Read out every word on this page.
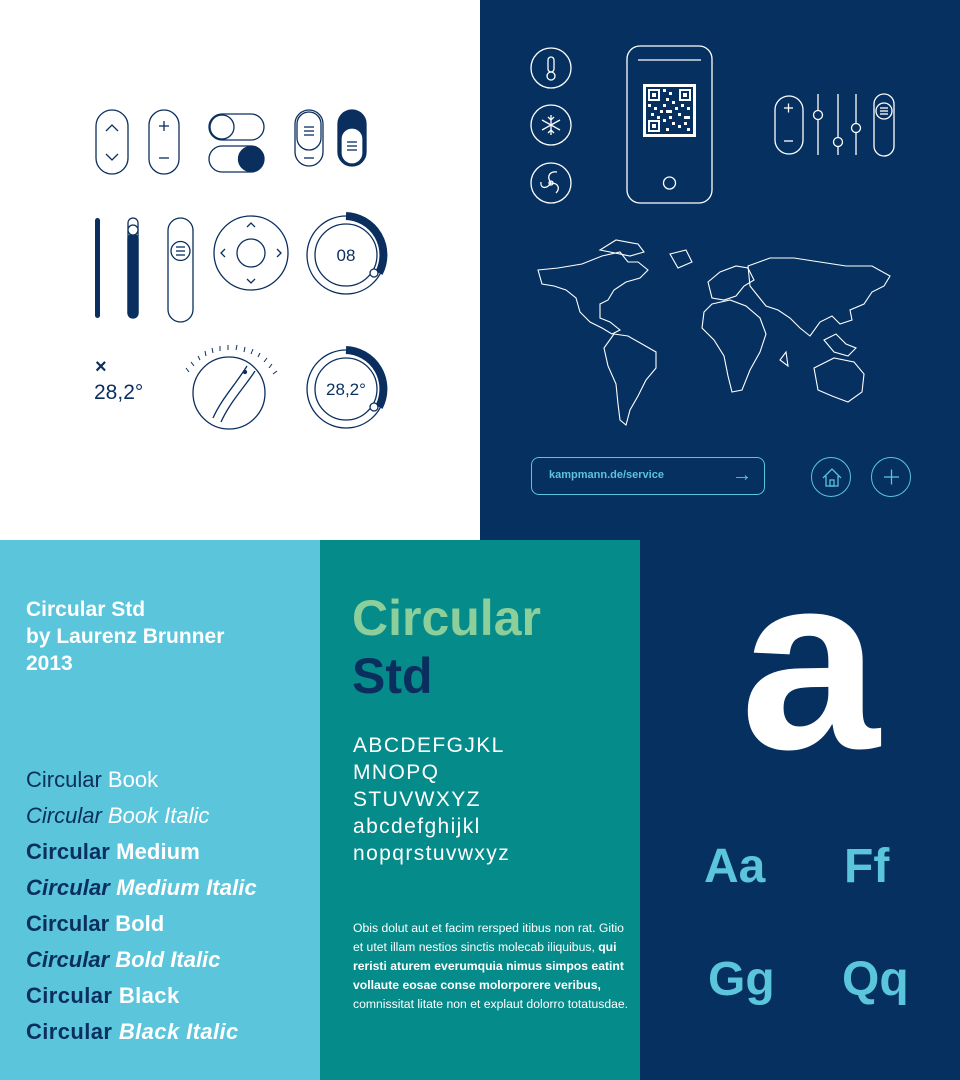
08
×
28,2°	28,2°
kampmann.de/service	→
Circular Std
by Laurenz Brunner
2013
Circular Book
Circular Book Italic
Circular Medium
Circular Medium Italic
Circular Bold
Circular Bold Italic
Circular Black
Circular Black Italic
Circular
Std
ABCDEFGJKL
MNOPQ
STUVWXYZ
abcdefghijkl
nopqrstuvwxyz

Obis dolut aut et facim rersped itibus non rat. Gitio et utet illam nestios sinctis molecab iliquibus, qui reristi aturem everumquia nimus simpos eatint vollaute eosae conse molorporere veribus, comnissitat litate non et explaut dolorro totatusdae.

a
Aa Ff
Gg Qq
